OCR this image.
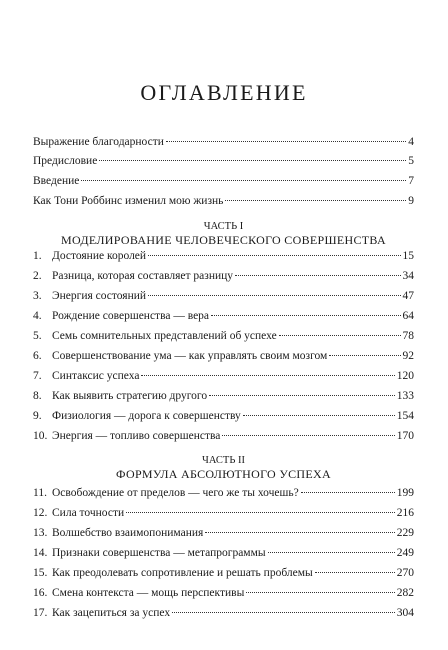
ОГЛАВЛЕНИЕ
Выражение благодарности	4
Предисловие	5
Введение	7
Как Тони Роббинс изменил мою жизнь	9
ЧАСТЬ I
МОДЕЛИРОВАНИЕ ЧЕЛОВЕЧЕСКОГО СОВЕРШЕНСТВА
1. Достояние королей	15
2. Разница, которая составляет разницу	34
3. Энергия состояний	47
4. Рождение совершенства — вера	64
5. Семь сомнительных представлений об успехе	78
6. Совершенствование ума — как управлять своим мозгом	92
7. Синтаксис успеха	120
8. Как выявить стратегию другого	133
9. Физиология — дорога к совершенству	154
10. Энергия — топливо совершенства	170
ЧАСТЬ II
ФОРМУЛА АБСОЛЮТНОГО УСПЕХА
11. Освобождение от пределов — чего же ты хочешь?	199
12. Сила точности	216
13. Волшебство взаимопонимания	229
14. Признаки совершенства — метапрограммы	249
15. Как преодолевать сопротивление и решать проблемы	270
16. Смена контекста — мощь перспективы	282
17. Как зацепиться за успех	304
